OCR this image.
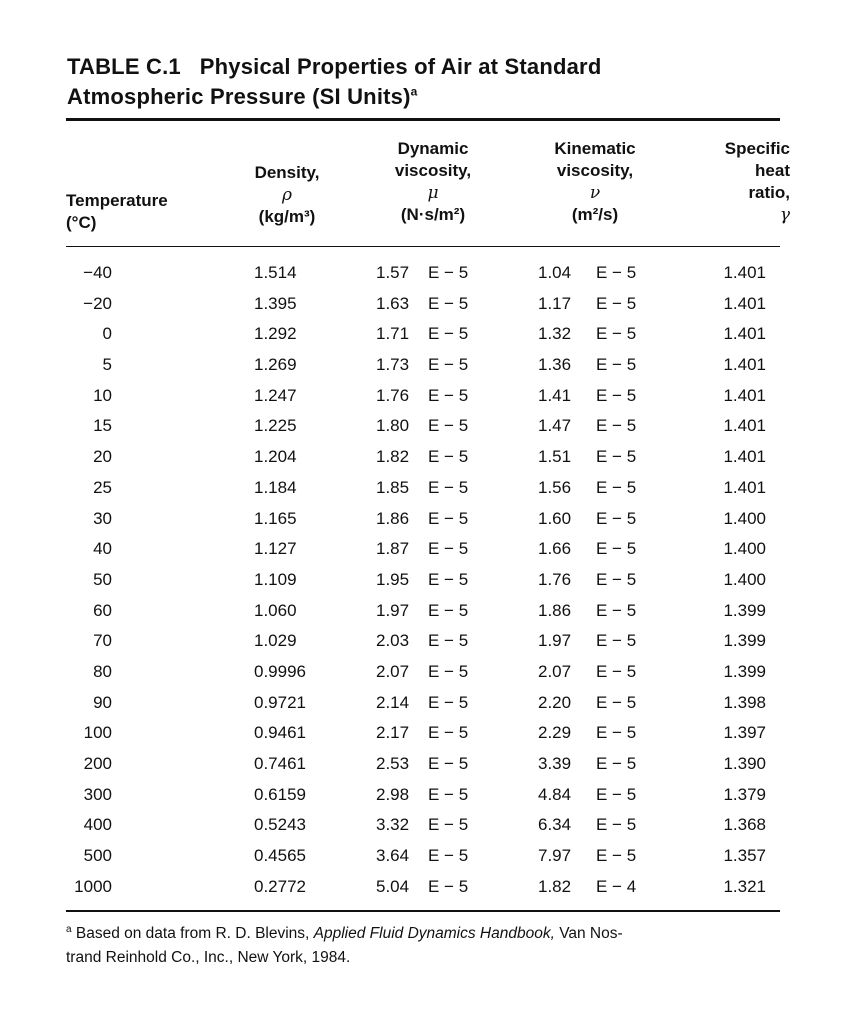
TABLE C.1 Physical Properties of Air at Standard
Atmospheric Pressure (SI Units)$^a$
Temperature
(°C)
Density,
ρ
(kg/m³)
Dynamic
viscosity,
μ
(N·s/m²)
Kinematic
viscosity,
ν
(m²/s)
Specific
heat
ratio,
γ
−40	1.514	1.57 E − 5	1.04 E − 5	1.401
−20	1.395	1.63 E − 5	1.17 E − 5	1.401
0	1.292	1.71 E − 5	1.32 E − 5	1.401
5	1.269	1.73 E − 5	1.36 E − 5	1.401
10	1.247	1.76 E − 5	1.41 E − 5	1.401
15	1.225	1.80 E − 5	1.47 E − 5	1.401
20	1.204	1.82 E − 5	1.51 E − 5	1.401
25	1.184	1.85 E − 5	1.56 E − 5	1.401
30	1.165	1.86 E − 5	1.60 E − 5	1.400
40	1.127	1.87 E − 5	1.66 E − 5	1.400
50	1.109	1.95 E − 5	1.76 E − 5	1.400
60	1.060	1.97 E − 5	1.86 E − 5	1.399
70	1.029	2.03 E − 5	1.97 E − 5	1.399
80	0.9996	2.07 E − 5	2.07 E − 5	1.399
90	0.9721	2.14 E − 5	2.20 E − 5	1.398
100	0.9461	2.17 E − 5	2.29 E − 5	1.397
200	0.7461	2.53 E − 5	3.39 E − 5	1.390
300	0.6159	2.98 E − 5	4.84 E − 5	1.379
400	0.5243	3.32 E − 5	6.34 E − 5	1.368
500	0.4565	3.64 E − 5	7.97 E − 5	1.357
1000	0.2772	5.04 E − 5	1.82 E − 4	1.321
$^a$ Based on data from R. D. Blevins, Applied Fluid Dynamics Handbook, Van Nos-
trand Reinhold Co., Inc., New York, 1984.
